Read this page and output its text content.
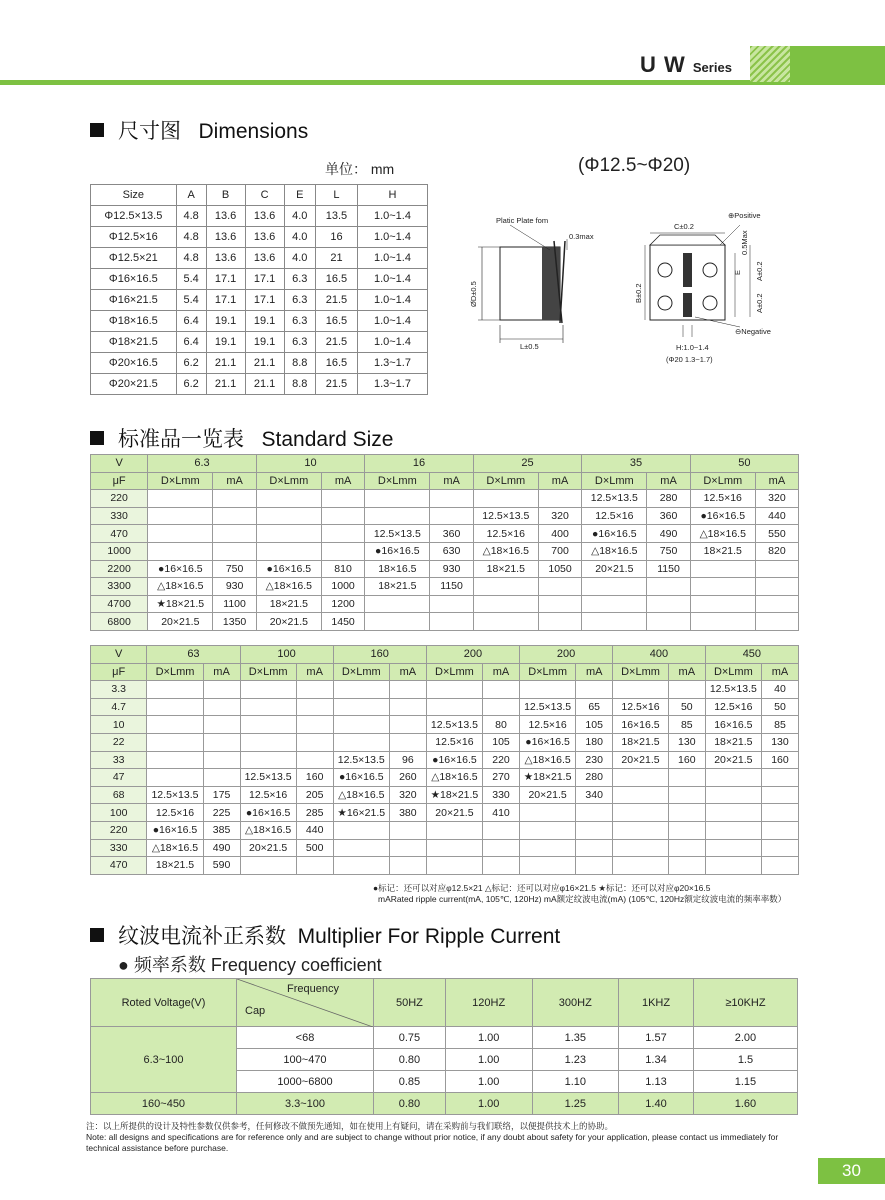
U W Series
尺寸图 Dimensions
单位： mm	(Φ12.5~Φ20)
Size	A	B	C	E	L	H
Φ12.5×13.5	4.8	13.6	13.6	4.0	13.5	1.0~1.4
Φ12.5×16	4.8	13.6	13.6	4.0	16	1.0~1.4
Φ12.5×21	4.8	13.6	13.6	4.0	21	1.0~1.4
Φ16×16.5	5.4	17.1	17.1	6.3	16.5	1.0~1.4
Φ16×21.5	5.4	17.1	17.1	6.3	21.5	1.0~1.4
Φ18×16.5	6.4	19.1	19.1	6.3	16.5	1.0~1.4
Φ18×21.5	6.4	19.1	19.1	6.3	21.5	1.0~1.4
Φ20×16.5	6.2	21.1	21.1	8.8	16.5	1.3~1.7
Φ20×21.5	6.2	21.1	21.1	8.8	21.5	1.3~1.7
Platic Plate fom
0.3max
ØD±0.5
L±0.5
C±0.2
B±0.2
E A±0.2
A±0.2
0.5Max
⊕Positive
⊖Negative
H:1.0~1.4
(Φ20 1.3~1.7)
标准品一览表 Standard Size
V	6.3		10		16		25		35		50	
μF	D×Lmm	mA	D×Lmm	mA	D×Lmm	mA	D×Lmm	mA	D×Lmm	mA	D×Lmm	mA
220									12.5×13.5	280	12.5×16	320
330							12.5×13.5	320	12.5×16	360	●16×16.5	440
470					12.5×13.5	360	12.5×16	400	●16×16.5	490	△18×16.5	550
1000					●16×16.5	630	△18×16.5	700	△18×16.5	750	18×21.5	820
2200	●16×16.5	750	●16×16.5	810	18×16.5	930	18×21.5	1050	20×21.5	1150		
3300	△18×16.5	930	△18×16.5	1000	18×21.5	1150						
4700	★18×21.5	1100	18×21.5	1200								
6800	20×21.5	1350	20×21.5	1450								
V	63		100		160		200		200		400		450	
μF	D×Lmm	mA	D×Lmm	mA	D×Lmm	mA	D×Lmm	mA	D×Lmm	mA	D×Lmm	mA	D×Lmm	mA
3.3													12.5×13.5	40
4.7									12.5×13.5	65	12.5×16	50	12.5×16	50
10							12.5×13.5	80	12.5×16	105	16×16.5	85	16×16.5	85
22							12.5×16	105	●16×16.5	180	18×21.5	130	18×21.5	130
33					12.5×13.5	96	●16×16.5	220	△18×16.5	230	20×21.5	160	20×21.5	160
47			12.5×13.5	160	●16×16.5	260	△18×16.5	270	★18×21.5	280				
68	12.5×13.5	175	12.5×16	205	△18×16.5	320	★18×21.5	330	20×21.5	340				
100	12.5×16	225	●16×16.5	285	★16×21.5	380	20×21.5	410						
220	●16×16.5	385	△18×16.5	440										
330	△18×16.5	490	20×21.5	500										
470	18×21.5	590												
●标记：还可以对应φ12.5×21 △标记：还可以对应φ16×21.5 ★标记：还可以对应φ20×16.5
mARated ripple current(mA, 105℃, 120Hz) mA额定纹波电流(mA) (105℃, 120Hz额定纹波电流的频率率数）
纹波电流补正系数 Multiplier For Ripple Current
● 频率系数 Frequency coefficient
Roted Voltage(V)	Frequency
Cap	50HZ	120HZ	300HZ	1KHZ	≥10KHZ
6.3~100	<68	0.75	1.00	1.35	1.57	2.00
	100~470	0.80	1.00	1.23	1.34	1.5
	1000~6800	0.85	1.00	1.10	1.13	1.15
160~450	3.3~100	0.80	1.00	1.25	1.40	1.60
注：以上所提供的设计及特性参数仅供参考，任何修改不做预先通知，如在使用上有疑问，请在采购前与我们联络，以便提供技术上的协助。
Note: all designs and specifications are for reference only and are subject to change without prior notice, if any doubt about safety for your application, please contact us immediately for technical assistance before purchase.
30
